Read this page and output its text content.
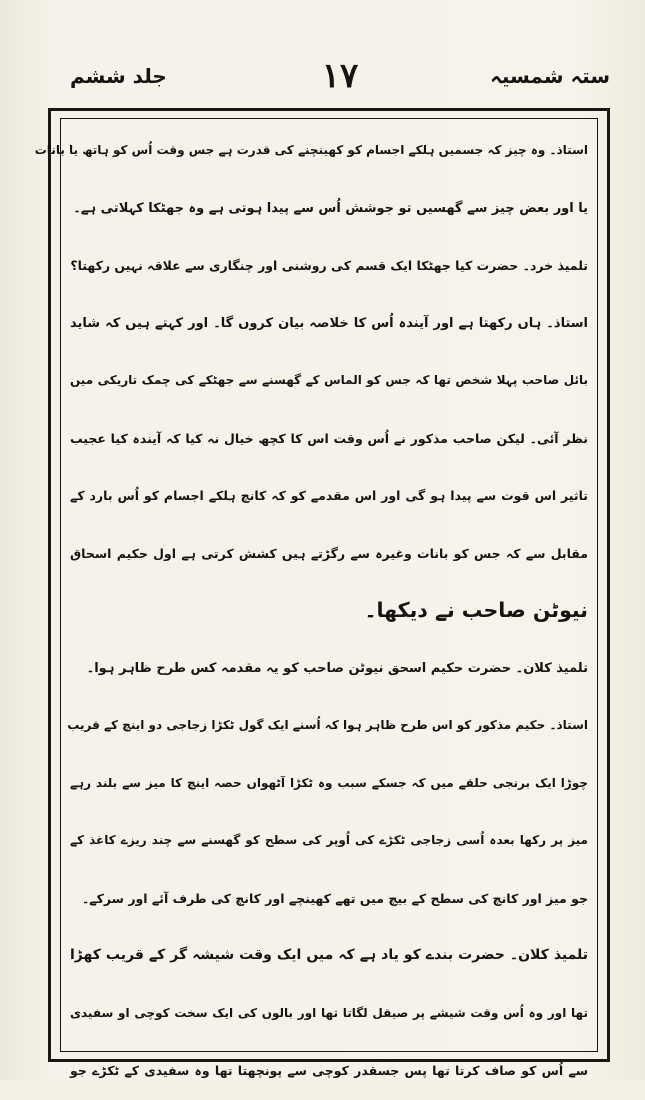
ستہ شمسیہ
۱۷
جلد ششم
استاذ۔ وہ چیز کہ جسمیں ہلکے اجسام کو کھینچنے کی قدرت ہے جس وقت اُس کو ہاتھ یا بانات
یا اور بعض چیز سے گھسیں تو جوشش اُس سے پیدا ہوتی ہے وہ جھٹکا کہلاتی ہے۔
تلمیذ خرد۔ حضرت کیا جھٹکا ایک قسم کی روشنی اور چنگاری سے علاقہ نہیں رکھتا؟
استاذ۔ ہاں رکھتا ہے اور آیندہ اُس کا خلاصہ بیان کروں گا۔ اور کہتے ہیں کہ شاید
بائل صاحب پہلا شخص تھا کہ جس کو الماس کے گھسنے سے جھٹکے کی چمک تاریکی میں
نظر آئی۔ لیکن صاحب مذکور نے اُس وقت اس کا کچھ خیال نہ کیا کہ آیندہ کیا عجیب
تاثیر اس قوت سے پیدا ہو گی اور اس مقدمے کو کہ کانچ ہلکے اجسام کو اُس بارد کے
مقابل سے کہ جس کو بانات وغیرہ سے رگڑتے ہیں کشش کرتی ہے اول حکیم اسحاق
نیوٹن صاحب نے دیکھا۔
تلمیذ کلان۔ حضرت حکیم اسحق نیوٹن صاحب کو یہ مقدمہ کس طرح ظاہر ہوا۔
استاذ۔ حکیم مذکور کو اس طرح ظاہر ہوا کہ اُسنے ایک گول ٹکڑا زجاجی دو اینچ کے قریب
چوڑا ایک برنجی حلقے میں کہ جسکے سبب وہ ٹکڑا آٹھواں حصہ اینچ کا میز سے بلند رہے
میز پر رکھا بعدہ اُسی زجاجی ٹکڑے کی اُوپر کی سطح کو گھسنے سے چند ریزے کاغذ کے
جو میز اور کانچ کی سطح کے بیچ میں تھے کھینچے اور کانچ کی طرف آئے اور سرکے۔
تلمیذ کلان۔ حضرت بندے کو یاد ہے کہ میں ایک وقت شیشہ گر کے قریب کھڑا
تھا اور وہ اُس وقت شیشے پر صیقل لگاتا تھا اور بالوں کی ایک سخت کوچی او سفیدی
سے اُس کو صاف کرتا تھا پس جسقدر کوچی سے پونچھتا تھا وہ سفیدی کے ٹکڑے جو
